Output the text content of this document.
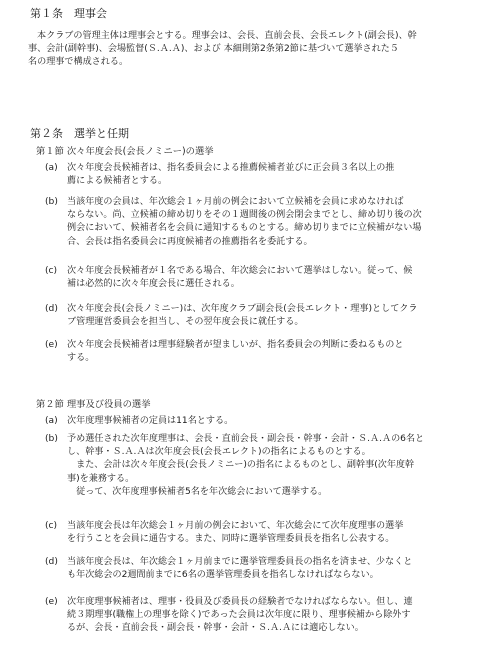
第１条　理事会
本クラブの管理主体は理事会とする。理事会は、会長、直前会長、会長エレクト(副会長)、幹
事、会計(副幹事)、会場監督(Ｓ.Ａ.Ａ)、および 本細則第2条第2節に基づいて選挙された５
名の理事で構成される。
第２条　選挙と任期
第１節 次々年度会長(会長ノミニー)の選挙
(a) 次々年度会長候補者は、指名委員会による推薦候補者並びに正会員３名以上の推
薦による候補者とする。
(b) 当該年度の会員は、年次総会１ヶ月前の例会において立候補を会員に求めなければ
ならない。尚、立候補の締め切りをその１週間後の例会閉会までとし、締め切り後の次
例会において、候補者名を会員に通知するものとする。締め切りまでに立候補がない場
合、会長は指名委員会に再度候補者の推薦指名を委託する。
(c) 次々年度会長候補者が１名である場合、年次総会において選挙はしない。従って、候
補は必然的に次々年度会長に選任される。
(d) 次々年度会長(会長ノミニー)は、次年度クラブ副会長(会長エレクト・理事)としてクラ
ブ管理運営委員会を担当し、その翌年度会長に就任する。
(e) 次々年度会長候補者は理事経験者が望ましいが、指名委員会の判断に委ねるものと
する。
第２節 理事及び役員の選挙
(a) 次年度理事候補者の定員は11名とする。
(b) 予め選任された次年度理事は、会長・直前会長・副会長・幹事・会計・Ｓ.Ａ.Ａの6名と
し、幹事・Ｓ.Ａ.Ａは次年度会長(会長エレクト)の指名によるものとする。
　また、会計は次々年度会長(会長ノミニー)の指名によるものとし、副幹事(次年度幹
事)を兼務する。
　従って、次年度理事候補者5名を年次総会において選挙する。
(c) 当該年度会長は年次総会１ヶ月前の例会において、年次総会にて次年度理事の選挙
を行うことを会員に通告する。また、同時に選挙管理委員長を指名し公表する。
(d) 当該年度会長は、年次総会１ヶ月前までに選挙管理委員長の指名を済ませ、少なくと
も年次総会の2週間前までに6名の選挙管理委員を指名しなければならない。
(e) 次年度理事候補者は、理事・役員及び委員長の経験者でなければならない。但し、連
続３期理事(職権上の理事を除く)であった会員は次年度に限り、理事候補から除外す
るが、会長・直前会長・副会長・幹事・会計・Ｓ.Ａ.Ａには適応しない。
